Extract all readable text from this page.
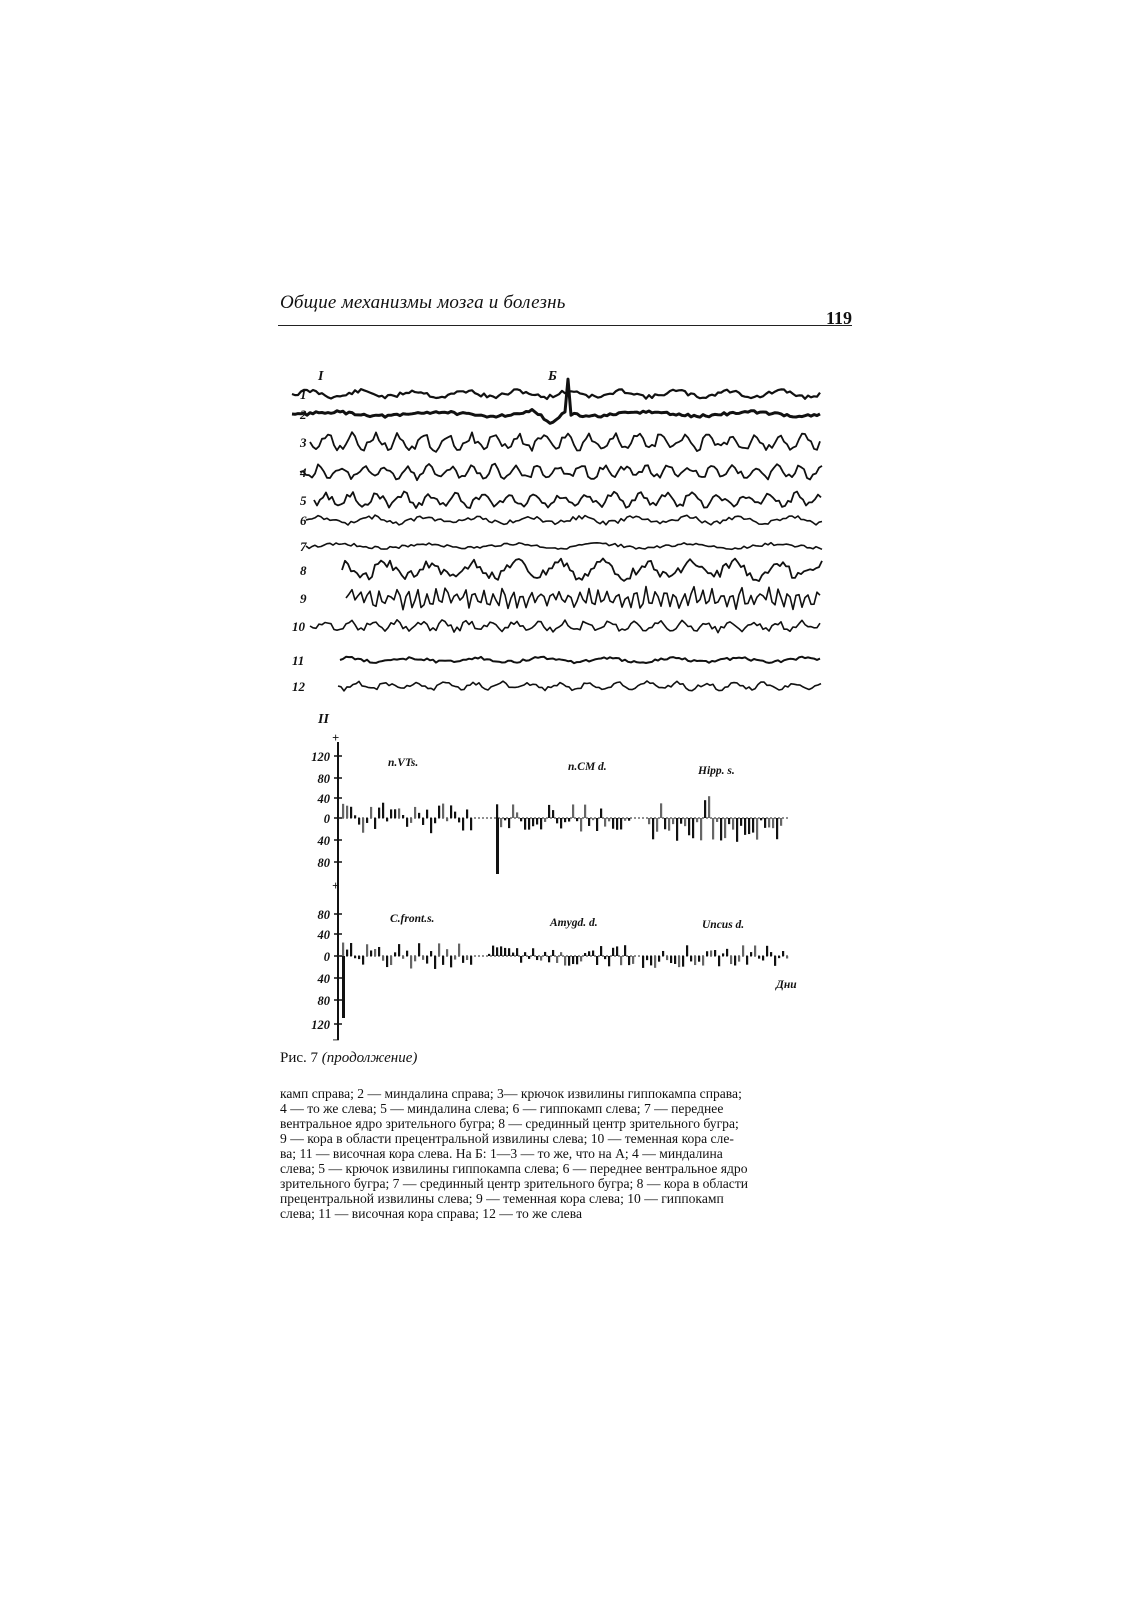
Общие механизмы мозга и болезнь
119
I	Б
1
2
3
4
5
6
7
8
9
10
11
12
II
+
n.VTs.	n.CM d.	Hipp. s.
120
80
40
0
40
80
+
−
C.front.s.	Amygd. d.	Uncus d.
Дни
80
40
0
40
80
120
Рис. 7 (продолжение)
камп справа; 2 — миндалина справа; 3— крючок извилины гиппокампа справа;
4 — то же слева; 5 — миндалина слева; 6 — гиппокамп слева; 7 — переднее
вентральное ядро зрительного бугра; 8 — срединный центр зрительного бугра;
9 — кора в области прецентральной извилины слева; 10 — теменная кора сле-
ва; 11 — височная кора слева. На Б: 1—3 — то же, что на А; 4 — миндалина
слева; 5 — крючок извилины гиппокампа слева; 6 — переднее вентральное ядро
зрительного бугра; 7 — срединный центр зрительного бугра; 8 — кора в области
прецентральной извилины слева; 9 — теменная кора слева; 10 — гиппокамп
слева; 11 — височная кора справа; 12 — то же слева
